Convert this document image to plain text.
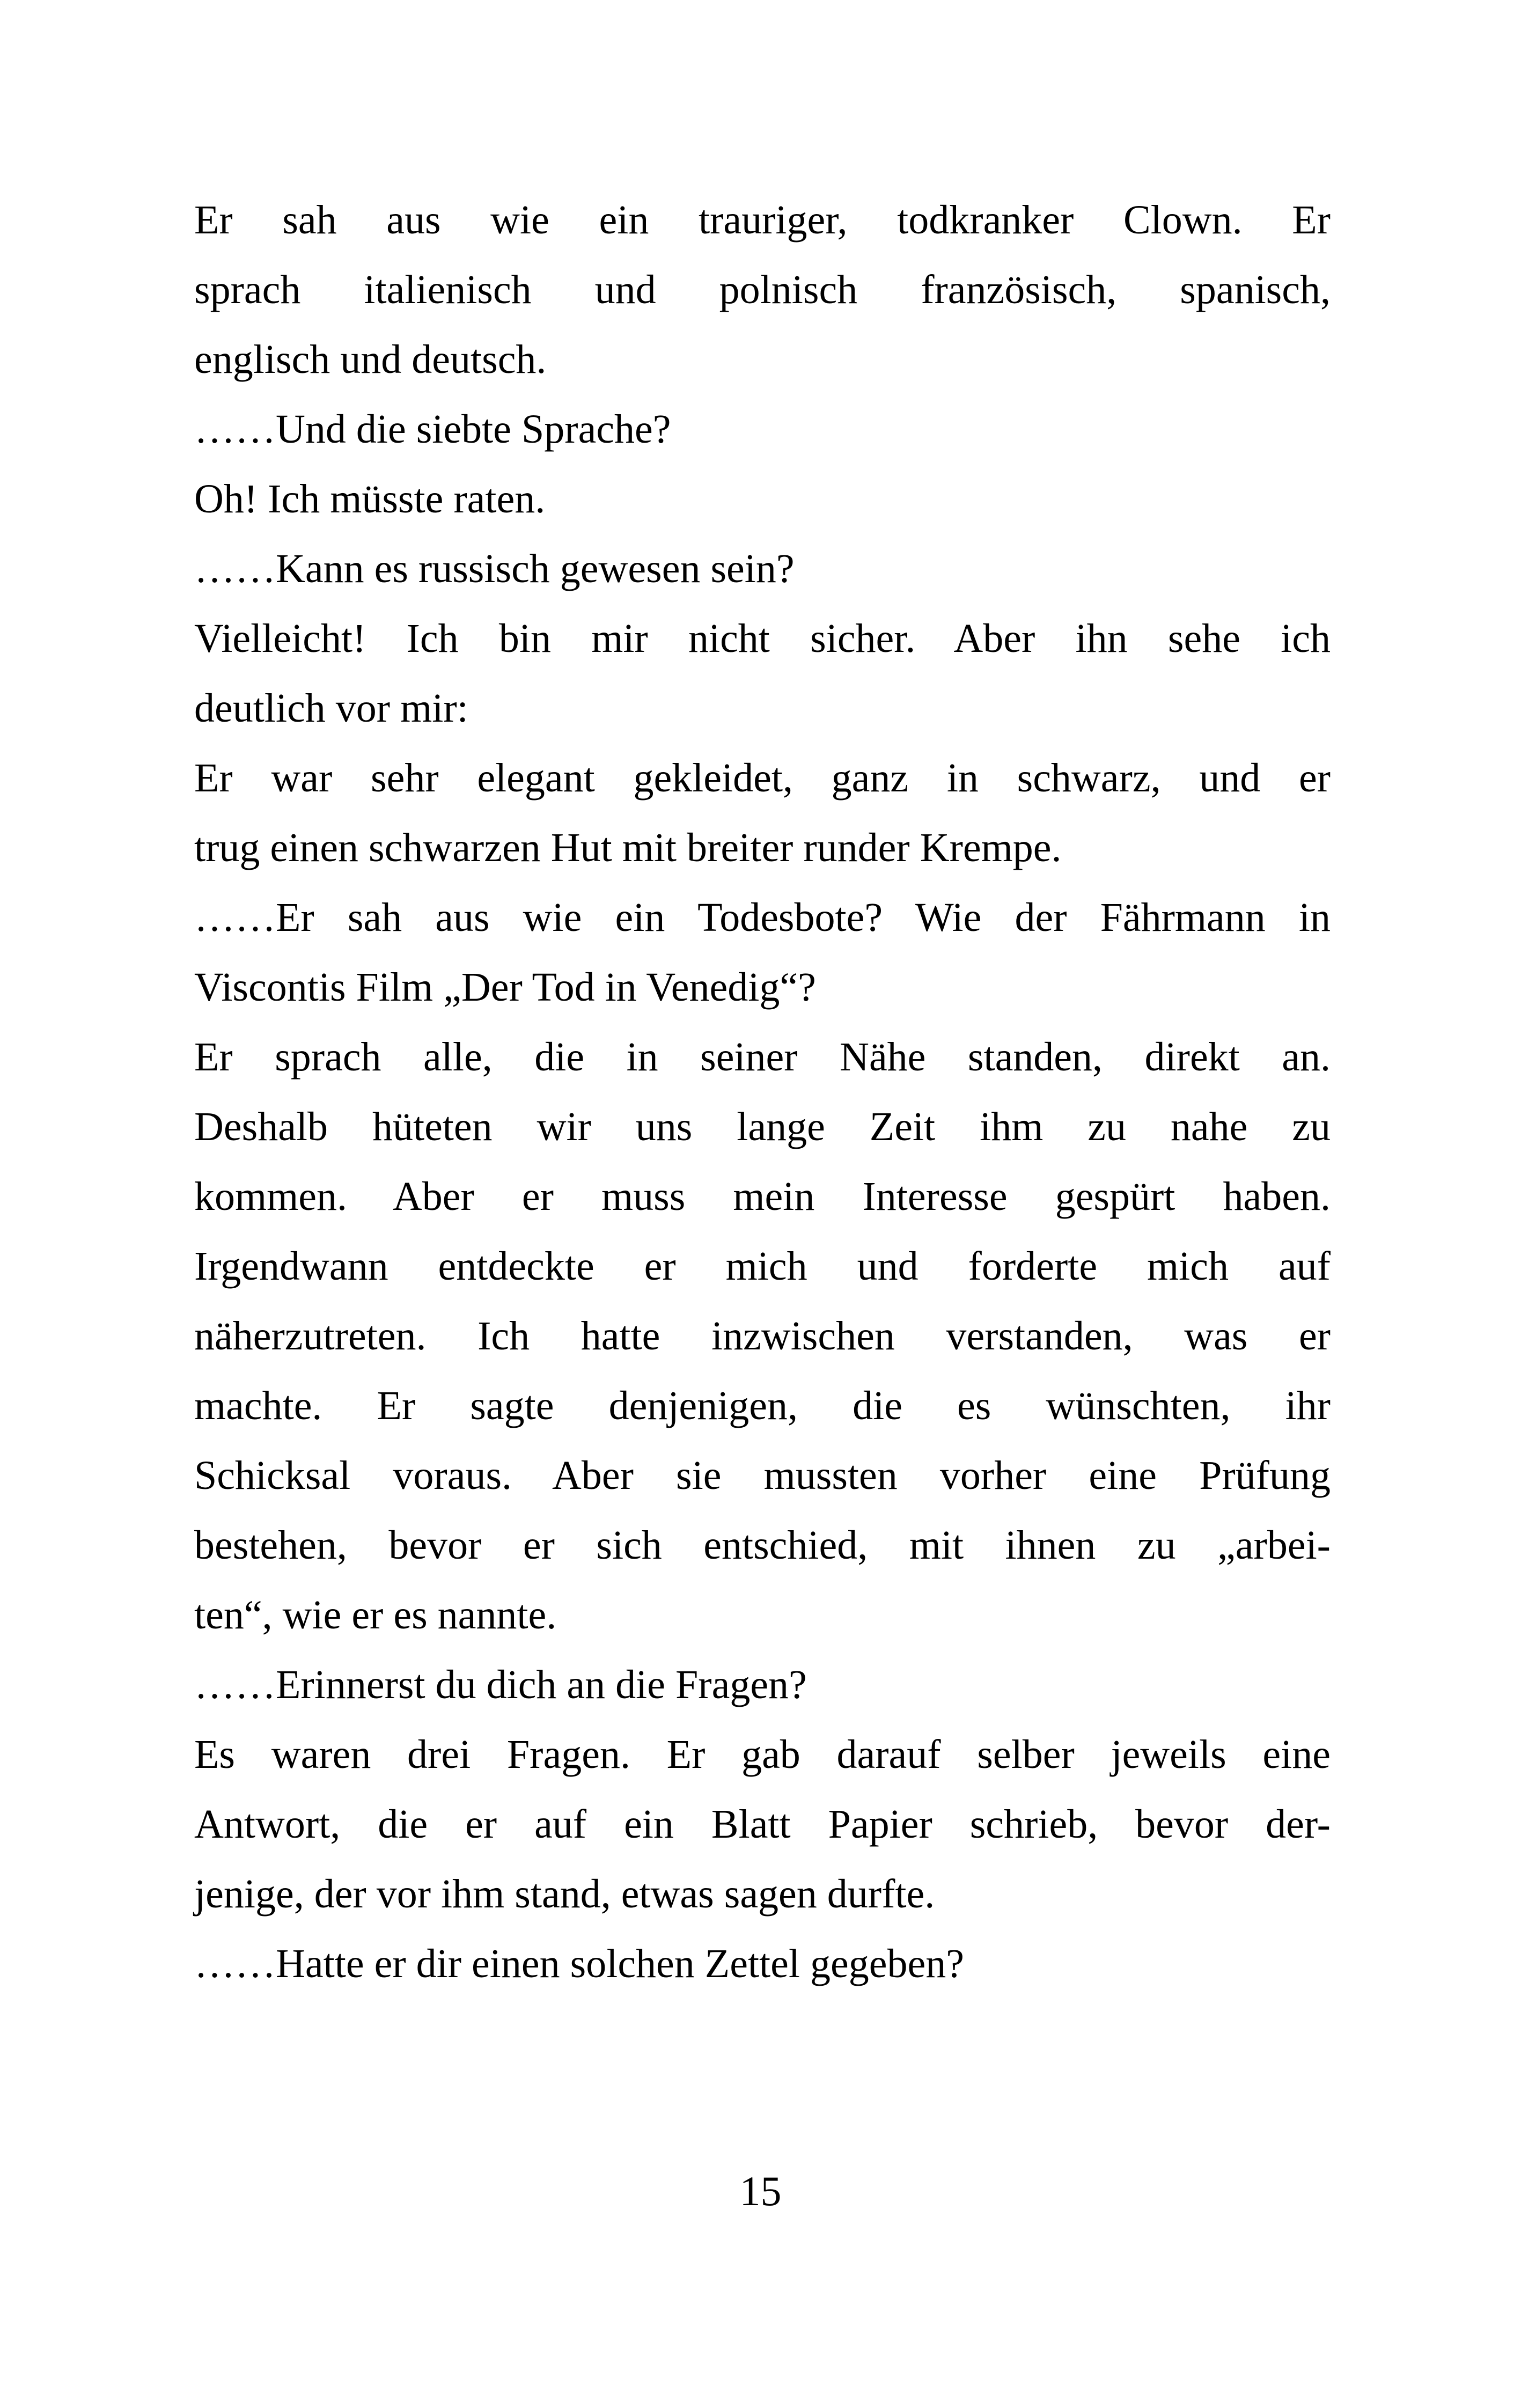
Er sah aus wie ein trauriger, todkranker Clown. Er
sprach italienisch und polnisch französisch, spanisch,
englisch und deutsch.
……Und die siebte Sprache?
Oh! Ich müsste raten.
……Kann es russisch gewesen sein?
Vielleicht! Ich bin mir nicht sicher. Aber ihn sehe ich
deutlich vor mir:
Er war sehr elegant gekleidet, ganz in schwarz, und er
trug einen schwarzen Hut mit breiter runder Krempe.
……Er sah aus wie ein Todesbote? Wie der Fährmann in
Viscontis Film „Der Tod in Venedig“?
Er sprach alle, die in seiner Nähe standen, direkt an.
Deshalb hüteten wir uns lange Zeit ihm zu nahe zu
kommen. Aber er muss mein Interesse gespürt haben.
Irgendwann entdeckte er mich und forderte mich auf
näherzutreten. Ich hatte inzwischen verstanden, was er
machte. Er sagte denjenigen, die es wünschten, ihr
Schicksal voraus. Aber sie mussten vorher eine Prüfung
bestehen, bevor er sich entschied, mit ihnen zu „arbei-
ten“, wie er es nannte.
……Erinnerst du dich an die Fragen?
Es waren drei Fragen. Er gab darauf selber jeweils eine
Antwort, die er auf ein Blatt Papier schrieb, bevor der-
jenige, der vor ihm stand, etwas sagen durfte.
……Hatte er dir einen solchen Zettel gegeben?
15
